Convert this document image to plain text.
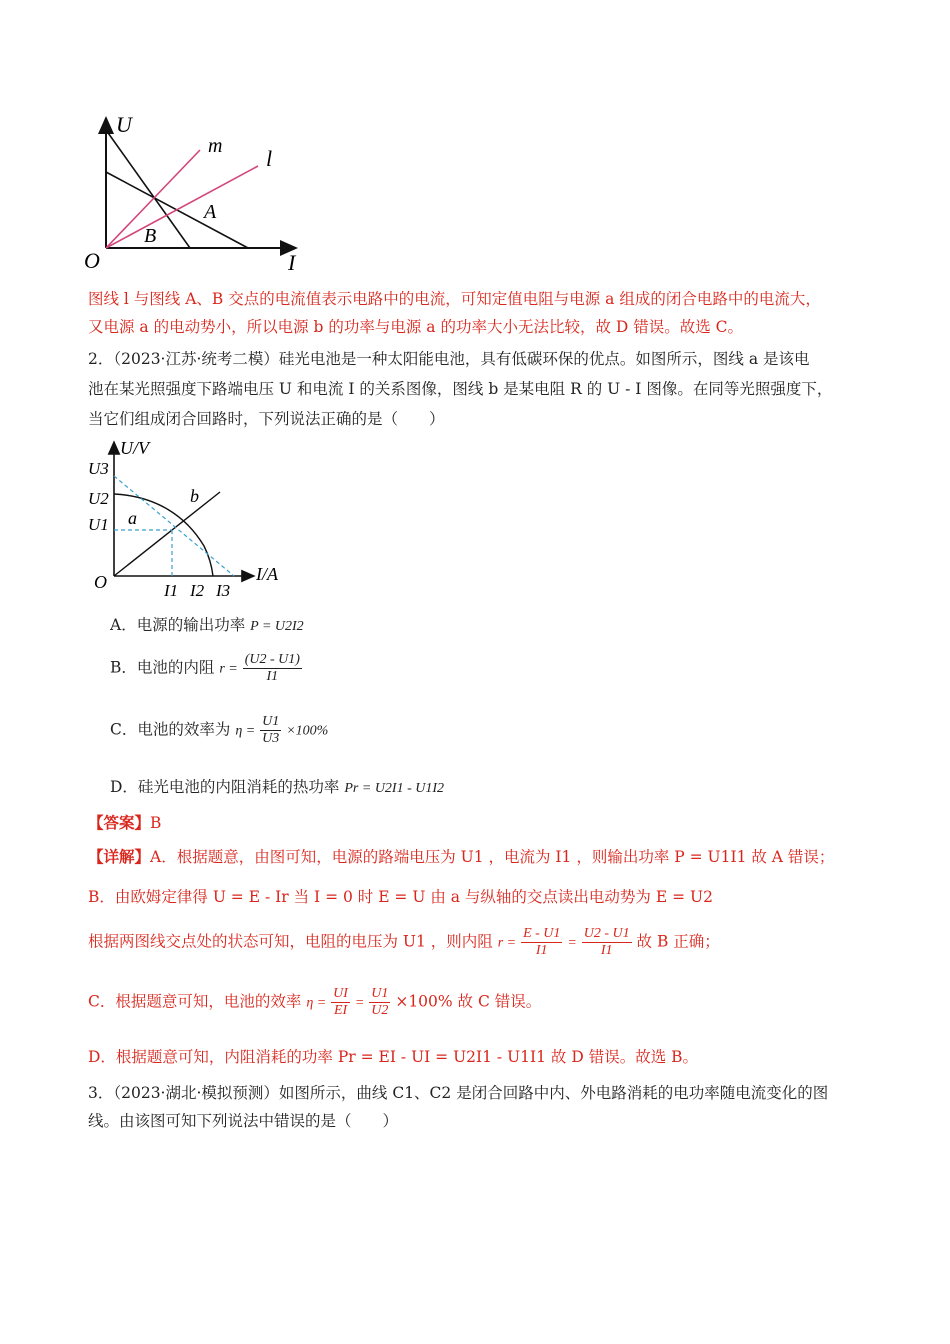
U
I
O
m l
A
B
图线 l 与图线 A、B 交点的电流值表示电路中的电流，可知定值电阻与电源 a 组成的闭合电路中的电流大，
又电源 a 的电动势小，所以电源 b 的功率与电源 a 的功率大小无法比较，故 D 错误。故选 C。
2．（2023·江苏·统考二模）硅光电池是一种太阳能电池，具有低碳环保的优点。如图所示，图线 a 是该电
池在某光照强度下路端电压 U 和电流 I 的关系图像，图线 b 是某电阻 R 的 U - I 图像。在同等光照强度下，
当它们组成闭合回路时，下列说法正确的是（　　）
U/V
I/A
O
U3
U2
U1
I1 I2 I3
a
b
A．电源的输出功率 P = U2I2
B．电池的内阻 $r = \frac{(U2 - U1)}{I1}$
C．电池的效率为 $\eta = \frac{U1}{U3} \times 100\%$
D．硅光电池的内阻消耗的热功率 Pr = U2I1 - U1I2
【答案】B
【详解】A．根据题意，由图可知，电源的路端电压为 U1 ，电流为 I1 ，则输出功率 P = U1I1 故 A 错误；
B．由欧姆定律得 U = E - Ir 当 I = 0 时 E = U 由 a 与纵轴的交点读出电动势为 E = U2
根据两图线交点处的状态可知，电阻的电压为 U1 ，则内阻 $r = \frac{E - U1}{I1} = \frac{U2 - U1}{I1}$ 故 B 正确；
C．根据题意可知，电池的效率 $\eta = \frac{UI}{EI} = \frac{U1}{U2} \times 100\%$ 故 C 错误。
D．根据题意可知，内阻消耗的功率 Pr = EI - UI = U2I1 - U1I1 故 D 错误。故选 B。
3．（2023·湖北·模拟预测）如图所示，曲线 C1、C2 是闭合回路中内、外电路消耗的电功率随电流变化的图
线。由该图可知下列说法中错误的是（　　）
